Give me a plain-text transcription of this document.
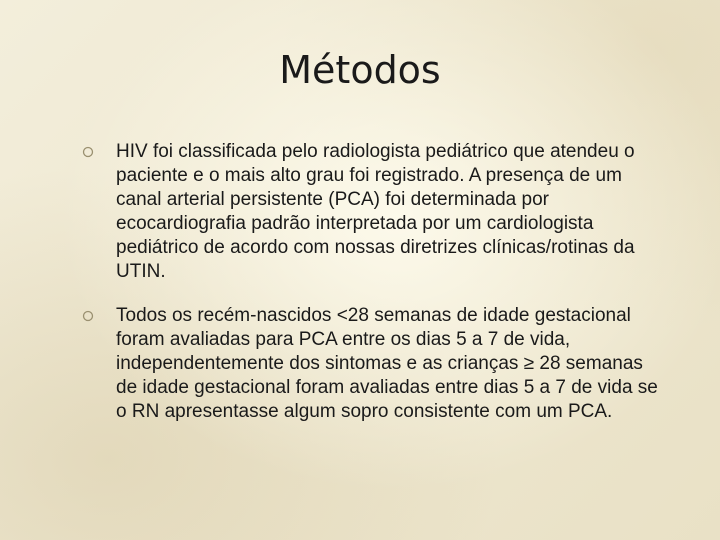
Métodos
HIV foi classificada pelo radiologista pediátrico que atendeu o paciente e o mais alto grau foi registrado. A presença de um canal arterial persistente (PCA) foi determinada por ecocardiografia padrão interpretada por um cardiologista pediátrico de acordo com nossas diretrizes clínicas/rotinas da UTIN.
Todos os recém-nascidos <28 semanas de idade gestacional foram avaliadas para PCA entre os dias 5 a 7 de vida, independentemente dos sintomas e as crianças ≥ 28 semanas de idade gestacional foram avaliadas entre dias 5 a 7 de vida se o RN apresentasse algum sopro consistente com um PCA.
